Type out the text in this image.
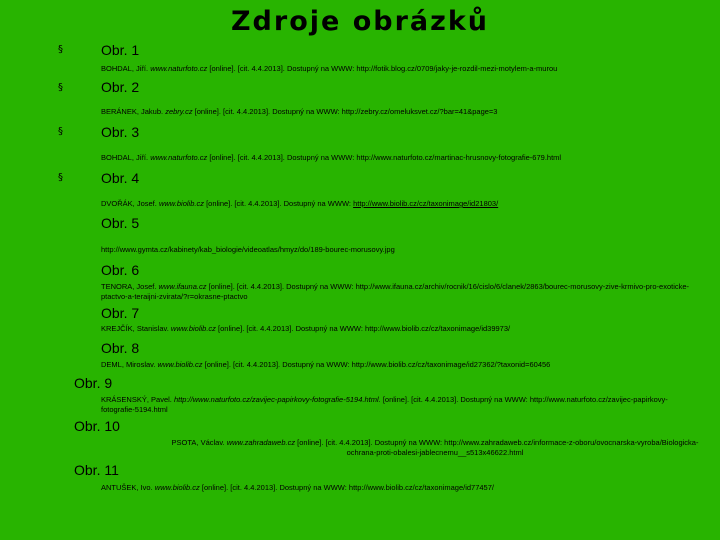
Zdroje obrázků
§	Obr. 1
BOHDAL, Jiří. www.naturfoto.cz [online]. [cit. 4.4.2013]. Dostupný na WWW: http://fotik.blog.cz/0709/jaky-je-rozdil-mezi-motylem-a-murou
§	Obr. 2
BERÁNEK, Jakub. zebry.cz [online]. [cit. 4.4.2013]. Dostupný na WWW: http://zebry.cz/omeluksvet.cz/?bar=41&page=3
§	Obr. 3
BOHDAL, Jiří. www.naturfoto.cz [online]. [cit. 4.4.2013]. Dostupný na WWW: http://www.naturfoto.cz/martinac-hrusnovy-fotografie-679.html
§	Obr. 4
DVOŘÁK, Josef. www.biolib.cz [online]. [cit. 4.4.2013]. Dostupný na WWW: http://www.biolib.cz/cz/taxonimage/id21803/
Obr. 5
http://www.gymta.cz/kabinety/kab_biologie/videoatlas/hmyz/do/189-bourec-morusovy.jpg
Obr. 6
TENORA, Josef. www.ifauna.cz [online]. [cit. 4.4.2013]. Dostupný na WWW: http://www.ifauna.cz/archiv/rocnik/16/cislo/6/clanek/2863/bourec-morusovy-zive-krmivo-pro-exoticke-ptactvo-a-teraijni-zvirata/?r=okrasne-ptactvo
Obr. 7
KREJČÍK, Stanislav. www.biolib.cz [online]. [cit. 4.4.2013]. Dostupný na WWW: http://www.biolib.cz/cz/taxonimage/id39973/
Obr. 8
DEML, Miroslav. www.biolib.cz [online]. [cit. 4.4.2013]. Dostupný na WWW: http://www.biolib.cz/cz/taxonimage/id27362/?taxonid=60456
Obr. 9
KRÁSENSKÝ, Pavel. http://www.naturfoto.cz/zavijec-papirkovy-fotografie-5194.html. [online]. [cit. 4.4.2013]. Dostupný na WWW: http://www.naturfoto.cz/zavijec-papirkovy-fotografie-5194.html
Obr. 10
PSOTA, Václav. www.zahradaweb.cz [online]. [cit. 4.4.2013]. Dostupný na WWW: http://www.zahradaweb.cz/informace-z-oboru/ovocnarska-vyroba/Biologicka-ochrana-proti-obalesi-jablecnemu__s513x46622.html
Obr. 11
ANTUŠEK, Ivo. www.biolib.cz [online]. [cit. 4.4.2013]. Dostupný na WWW: http://www.biolib.cz/cz/taxonimage/id77457/
